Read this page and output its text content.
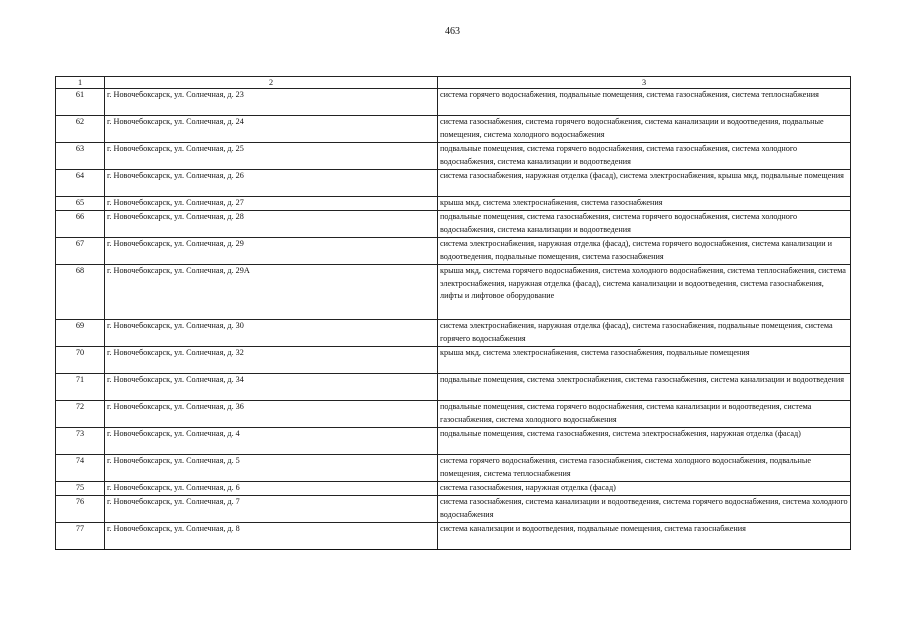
463
1	2	3
61	г. Новочебоксарск, ул. Солнечная, д. 23	система горячего водоснабжения, подвальные помещения, система газоснабжения, система теплоснабжения
62	г. Новочебоксарск, ул. Солнечная, д. 24	система газоснабжения, система горячего водоснабжения, система канализации и водоотведения, подвальные помещения, система холодного водоснабжения
63	г. Новочебоксарск, ул. Солнечная, д. 25	подвальные помещения, система горячего водоснабжения, система газоснабжения, система холодного водоснабжения, система канализации и водоотведения
64	г. Новочебоксарск, ул. Солнечная, д. 26	система газоснабжения, наружная отделка (фасад), система электроснабжения, крыша мкд, подвальные помещения
65	г. Новочебоксарск, ул. Солнечная, д. 27	крыша мкд, система электроснабжения, система газоснабжения
66	г. Новочебоксарск, ул. Солнечная, д. 28	подвальные помещения, система газоснабжения, система горячего водоснабжения, система холодного водоснабжения, система канализации и водоотведения
67	г. Новочебоксарск, ул. Солнечная, д. 29	система электроснабжения, наружная отделка (фасад), система горячего водоснабжения, система канализации и водоотведения, подвальные помещения, система газоснабжения
68	г. Новочебоксарск, ул. Солнечная, д. 29А	крыша мкд, система горячего водоснабжения, система холодного водоснабжения, система теплоснабжения, система электроснабжения, наружная отделка (фасад), система канализации и водоотведения, система газоснабжения, лифты и лифтовое оборудование
69	г. Новочебоксарск, ул. Солнечная, д. 30	система электроснабжения, наружная отделка (фасад), система газоснабжения, подвальные помещения, система горячего водоснабжения
70	г. Новочебоксарск, ул. Солнечная, д. 32	крыша мкд, система электроснабжения, система газоснабжения, подвальные помещения
71	г. Новочебоксарск, ул. Солнечная, д. 34	подвальные помещения, система электроснабжения, система газоснабжения, система канализации и водоотведения
72	г. Новочебоксарск, ул. Солнечная, д. 36	подвальные помещения, система горячего водоснабжения, система канализации и водоотведения, система газоснабжения, система холодного водоснабжения
73	г. Новочебоксарск, ул. Солнечная, д. 4	подвальные помещения, система газоснабжения, система электроснабжения, наружная отделка (фасад)
74	г. Новочебоксарск, ул. Солнечная, д. 5	система горячего водоснабжения, система газоснабжения, система холодного водоснабжения, подвальные помещения, система теплоснабжения
75	г. Новочебоксарск, ул. Солнечная, д. 6	система газоснабжения, наружная отделка (фасад)
76	г. Новочебоксарск, ул. Солнечная, д. 7	система газоснабжения, система канализации и водоотведения, система горячего водоснабжения, система холодного водоснабжения
77	г. Новочебоксарск, ул. Солнечная, д. 8	система канализации и водоотведения, подвальные помещения, система газоснабжения
